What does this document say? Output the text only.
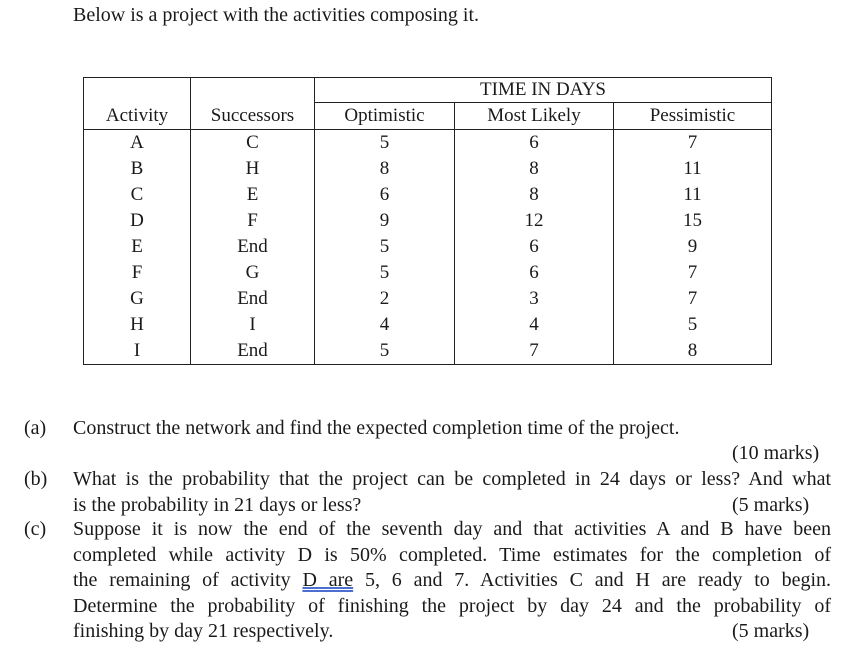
Below is a project with the activities composing it.
		TIME IN DAYS		
Activity	Successors	Optimistic	Most Likely	Pessimistic
A	C	5	6	7
B	H	8	8	11
C	E	6	8	11
D	F	9	12	15
E	End	5	6	9
F	G	5	6	7
G	End	2	3	7
H	I	4	4	5
I	End	5	7	8
(a) Construct the network and find the expected completion time of the project.
(10 marks)
(b) What is the probability that the project can be completed in 24 days or less? And what
is the probability in 21 days or less?	(5 marks)
(c) Suppose it is now the end of the seventh day and that activities A and B have been
completed while activity D is 50% completed. Time estimates for the completion of
the remaining of activity D are 5, 6 and 7. Activities C and H are ready to begin.
Determine the probability of finishing the project by day 24 and the probability of
finishing by day 21 respectively.	(5 marks)
